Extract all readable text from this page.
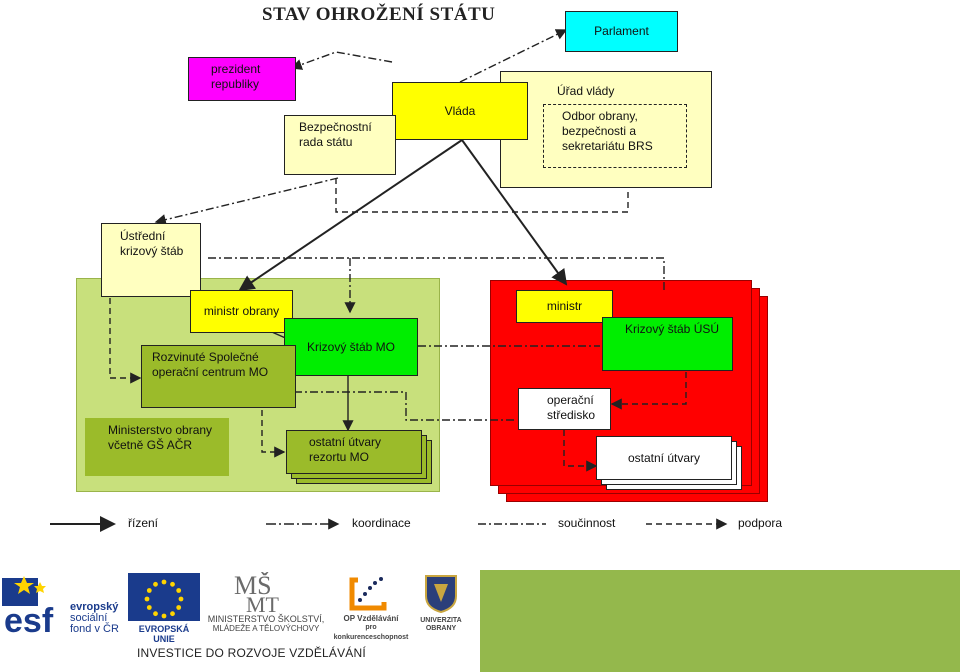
STAV OHROŽENÍ STÁTU
Parlament
prezident republiky	Úřad vlády
Odbor obrany, bezpečnosti a sekretariátu BRS
Vláda
Bezpečnostní rada státu
Ústřední krizový štáb
ministr obrany
Krizový štáb MO
Rozvinuté Společné operační centrum MO
Ministerstvo obrany včetně GŠ AČR	ostatní útvary rezortu MO
ministr
Krizový štáb ÚSÚ
operační středisko
ostatní útvary
řízení	koordinace	součinnost	podpora
esf evropský
sociální
fond v ČR	EVROPSKÁ UNIE
MŠ
MT
MINISTERSTVO ŠKOLSTVÍ,
MLÁDEŽE A TĚLOVÝCHOVY
OP Vzdělávání
pro konkurenceschopnost
UNIVERZITA
OBRANY
INVESTICE DO ROZVOJE VZDĚLÁVÁNÍ
